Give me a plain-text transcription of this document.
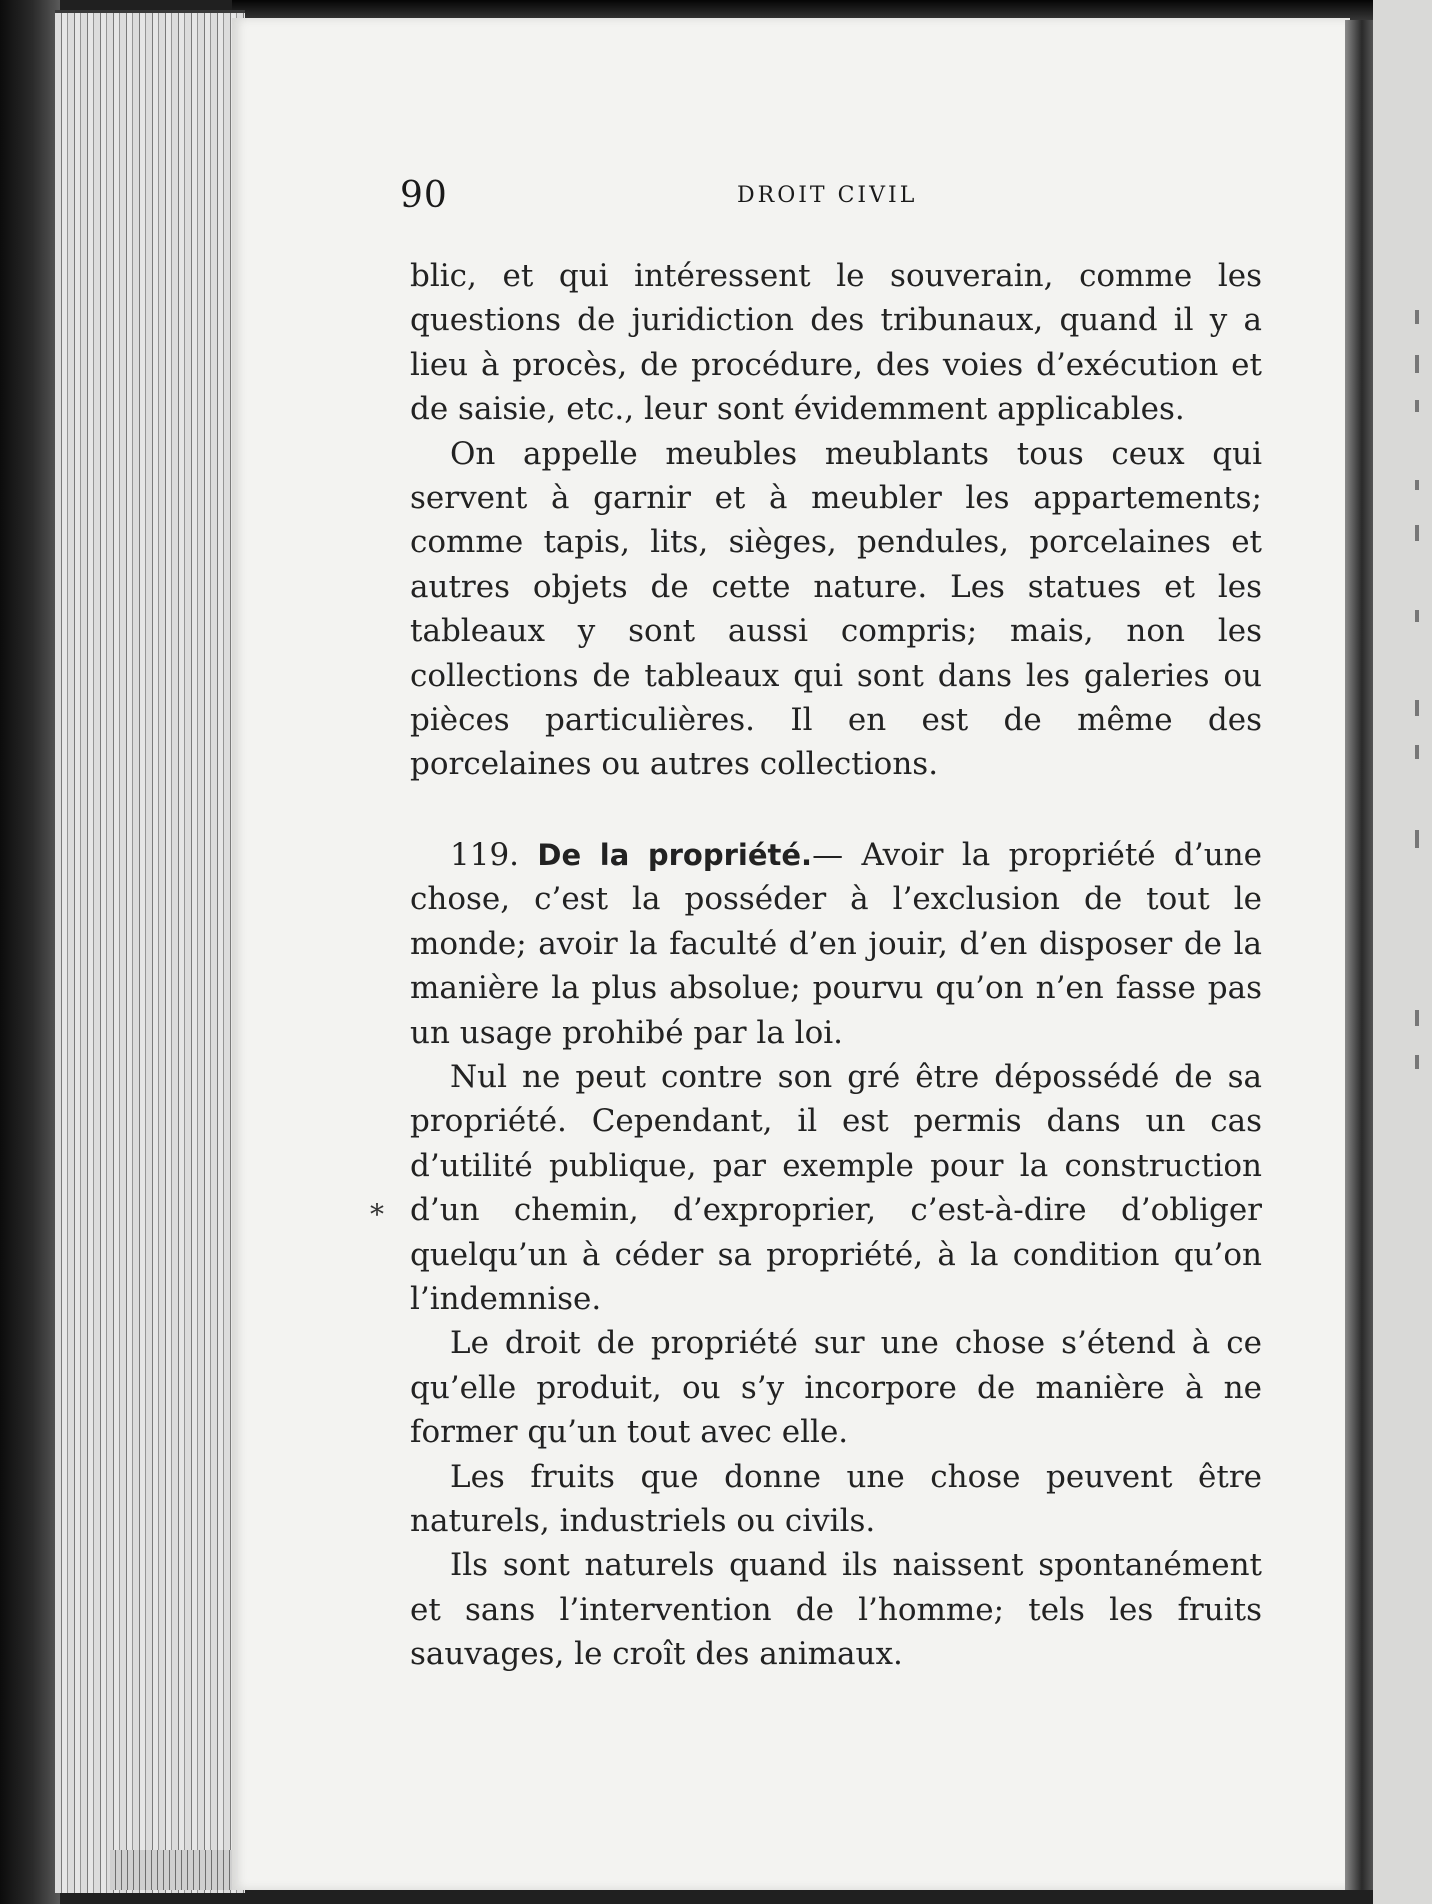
90	DROIT CIVIL
*

blic, et qui intéressent le souverain, comme les questions de juridiction des tribunaux, quand il y a lieu à procès, de procédure, des voies d’exécution et de saisie, etc., leur sont évidemment applicables.

On appelle meubles meublants tous ceux qui servent à garnir et à meubler les appartements; comme tapis, lits, sièges, pendules, porcelaines et autres objets de cette nature. Les statues et les tableaux y sont aussi compris; mais, non les collections de tableaux qui sont dans les galeries ou pièces particulières. Il en est de même des porcelaines ou autres collections.

119. De la propriété.— Avoir la propriété d’une chose, c’est la posséder à l’exclusion de tout le monde; avoir la faculté d’en jouir, d’en disposer de la manière la plus absolue; pourvu qu’on n’en fasse pas un usage prohibé par la loi.

Nul ne peut contre son gré être dépossédé de sa propriété. Cependant, il est permis dans un cas d’utilité publique, par exemple pour la construction d’un chemin, d’exproprier, c’est-à-dire d’obliger quelqu’un à céder sa propriété, à la condition qu’on l’indemnise.

Le droit de propriété sur une chose s’étend à ce qu’elle produit, ou s’y incorpore de manière à ne former qu’un tout avec elle.

Les fruits que donne une chose peuvent être naturels, industriels ou civils.

Ils sont naturels quand ils naissent spontanément et sans l’intervention de l’homme; tels les fruits sauvages, le croît des animaux.
